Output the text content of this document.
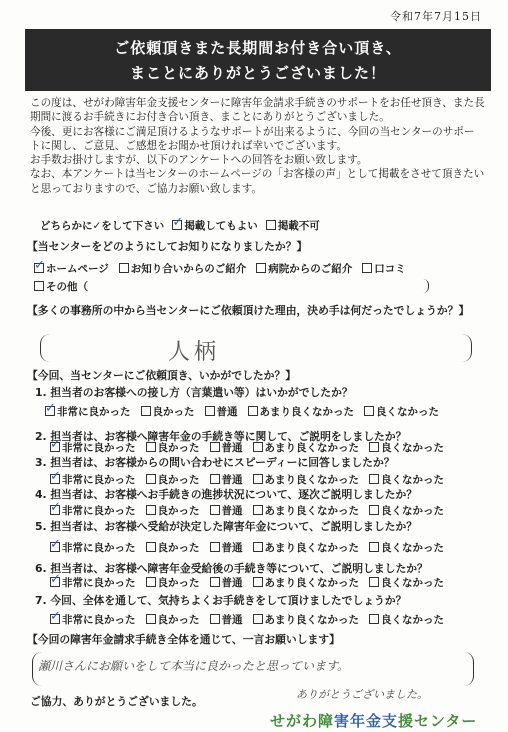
令和7年7月15日
ご依頼頂きまた長期間お付き合い頂き、
まことにありがとうございました！

この度は、せがわ障害年金支援センターに障害年金請求手続きのサポートをお任せ頂き、また長期間に渡るお手続きにお付き合い頂き、まことにありがとうございました。

今後、更にお客様にご満足頂けるようなサポートが出来るように、今回の当センターのサポートに関し、ご意見、ご感想をお聞かせ頂ければ幸いでございます。

お手数お掛けしますが、以下のアンケートへの回答をお願い致します。

なお、本アンケートは当センターのホームページの「お客様の声」として掲載をさせて頂きたいと思っておりますので、ご協力お願い致します。

どちらかに✓をして下さい
✓	掲載してもよい	掲載不可
【当センターをどのようにしてお知りになりましたか？】
✓ホームページ	お知り合いからのご紹介	病院からのご紹介	口コミ
その他（
【多くの事務所の中から当センターにご依頼頂けた理由，決め手は何だったでしょうか？】
人柄
【今回、当センターにご依頼頂き、いかがでしたか？】
1. 担当者のお客様への接し方（言葉遣い等）はいかがでしたか？
✓非常に良かった	良かった	普通	あまり良くなかった	良くなかった
2. 担当者は、お客様へ障害年金の手続き等に関して、ご説明をしましたか？
✓非常に良かった	良かった	普通	あまり良くなかった	良くなかった
3. 担当者は、お客様からの問い合わせにスピーディーに回答しましたか？
✓非常に良かった	良かった	普通	あまり良くなかった	良くなかった
4. 担当者は、お客様へお手続きの進捗状況について、逐次ご説明しましたか？
✓非常に良かった	良かった	普通	あまり良くなかった	良くなかった
5. 担当者は、お客様へ受給が決定した障害年金について、ご説明しましたか？
✓非常に良かった	良かった	普通	あまり良くなかった	良くなかった
6. 担当者は、お客様へ障害年金受給後の手続き等について、ご説明しましたか？
✓非常に良かった	良かった	普通	あまり良くなかった	良くなかった
7. 今回、全体を通して、気持ちよくお手続きをして頂けましたでしょうか？
✓非常に良かった	良かった	普通	あまり良くなかった	良くなかった
【今回の障害年金請求手続き全体を通じて、一言お願いします】
瀬川さんにお願いをして本当に良かったと思っています。
ありがとうございました。
ご協力、ありがとうございました。
せがわ障害年金支援センター
